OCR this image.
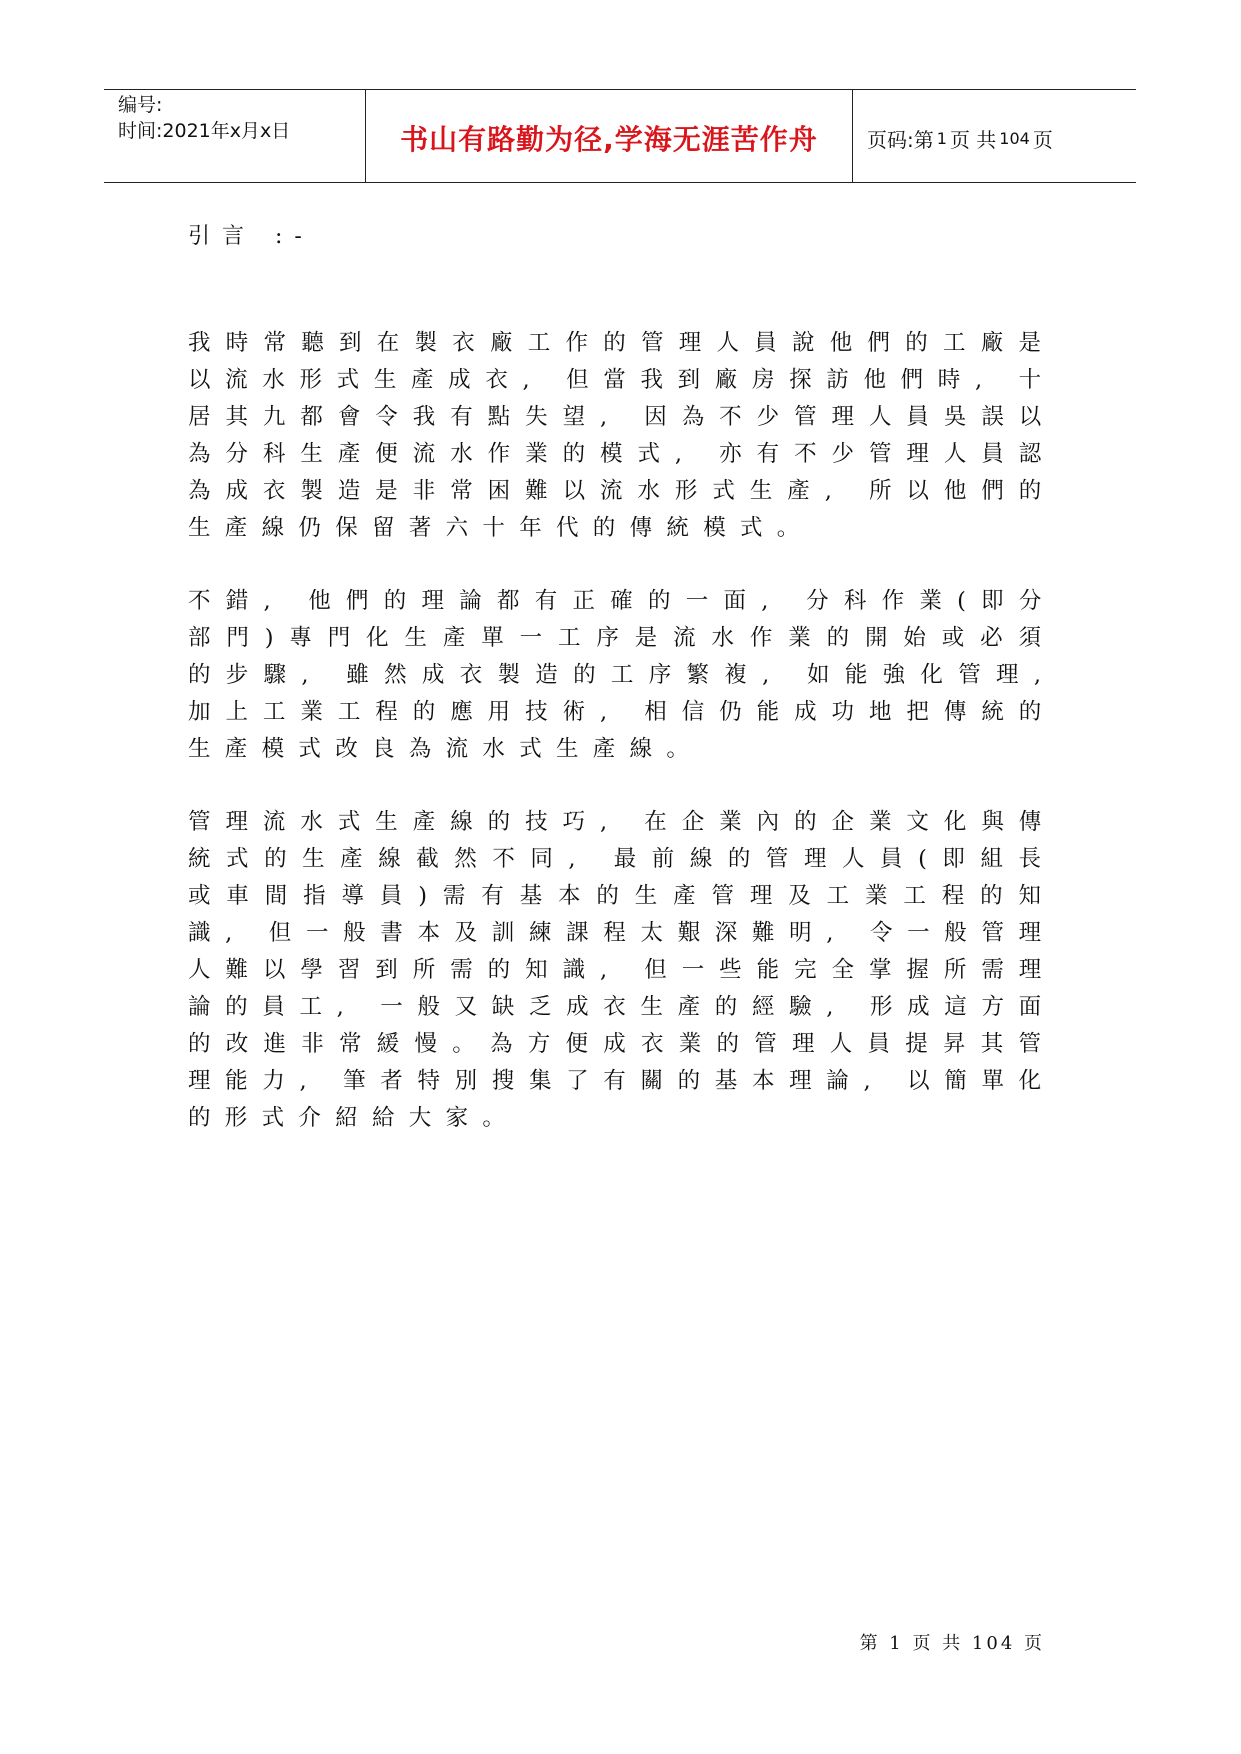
编号:
时间:2021年x月x日	书山有路勤为径,学海无涯苦作舟	页码:第 1 页 共 104 页
引言 :-
我時常聽到在製衣廠工作的管理人員說他們的工廠是
以流水形式生產成衣, 但當我到廠房探訪他們時, 十
居其九都會令我有點失望, 因為不少管理人員吳誤以
為分科生產便流水作業的模式, 亦有不少管理人員認
為成衣製造是非常困難以流水形式生產, 所以他們的
生產線仍保留著六十年代的傳統模式。
不錯, 他們的理論都有正確的一面, 分科作業(即分
部門)專門化生產單一工序是流水作業的開始或必須
的步驟, 雖然成衣製造的工序繁複, 如能強化管理,
加上工業工程的應用技術, 相信仍能成功地把傳統的
生產模式改良為流水式生產線。
管理流水式生產線的技巧, 在企業內的企業文化與傳
統式的生產線截然不同, 最前線的管理人員(即組長
或車間指導員)需有基本的生產管理及工業工程的知
識, 但一般書本及訓練課程太艱深難明, 令一般管理
人難以學習到所需的知識, 但一些能完全掌握所需理
論的員工, 一般又缺乏成衣生產的經驗, 形成這方面
的改進非常緩慢。為方便成衣業的管理人員提昇其管
理能力, 筆者特別搜集了有關的基本理論, 以簡單化
的形式介紹給大家。
第 1 页 共 104 页
